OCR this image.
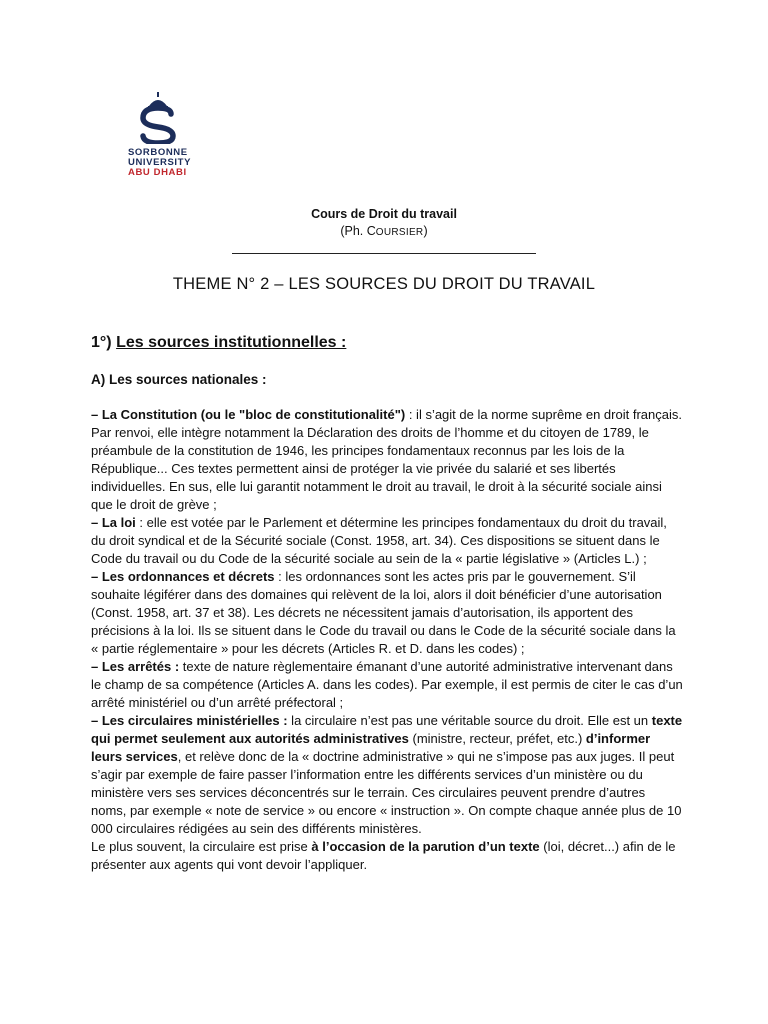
SORBONNE
UNIVERSITY
ABU DHABI
Cours de Droit du travail
(Ph. COURSIER)
THEME N° 2 – LES SOURCES DU DROIT DU TRAVAIL
1°) Les sources institutionnelles :
A) Les sources nationales :

– La Constitution (ou le "bloc de constitutionalité") : il s’agit de la norme suprême en droit français. Par renvoi, elle intègre notamment la Déclaration des droits de l’homme et du citoyen de 1789, le préambule de la constitution de 1946, les principes fondamentaux reconnus par les lois de la République... Ces textes permettent ainsi de protéger la vie privée du salarié et ses libertés individuelles. En sus, elle lui garantit notamment le droit au travail, le droit à la sécurité sociale ainsi que le droit de grève ;

– La loi : elle est votée par le Parlement et détermine les principes fondamentaux du droit du travail, du droit syndical et de la Sécurité sociale (Const. 1958, art. 34). Ces dispositions se situent dans le Code du travail ou du Code de la sécurité sociale au sein de la « partie législative » (Articles L.) ;

– Les ordonnances et décrets : les ordonnances sont les actes pris par le gouvernement. S’il souhaite légiférer dans des domaines qui relèvent de la loi, alors il doit bénéficier d’une autorisation (Const. 1958, art. 37 et 38). Les décrets ne nécessitent jamais d’autorisation, ils apportent des précisions à la loi. Ils se situent dans le Code du travail ou dans le Code de la sécurité sociale dans la « partie réglementaire » pour les décrets (Articles R. et D. dans les codes) ;

– Les arrêtés : texte de nature règlementaire émanant d’une autorité administrative intervenant dans le champ de sa compétence (Articles A. dans les codes). Par exemple, il est permis de citer le cas d’un arrêté ministériel ou d’un arrêté préfectoral ;

– Les circulaires ministérielles : la circulaire n’est pas une véritable source du droit. Elle est un texte qui permet seulement aux autorités administratives (ministre, recteur, préfet, etc.) d’informer leurs services, et relève donc de la « doctrine administrative » qui ne s’impose pas aux juges. Il peut s’agir par exemple de faire passer l’information entre les différents services d’un ministère ou du ministère vers ses services déconcentrés sur le terrain. Ces circulaires peuvent prendre d’autres noms, par exemple « note de service » ou encore « instruction ». On compte chaque année plus de 10 000 circulaires rédigées au sein des différents ministères.

Le plus souvent, la circulaire est prise à l’occasion de la parution d’un texte (loi, décret...) afin de le présenter aux agents qui vont devoir l’appliquer.
